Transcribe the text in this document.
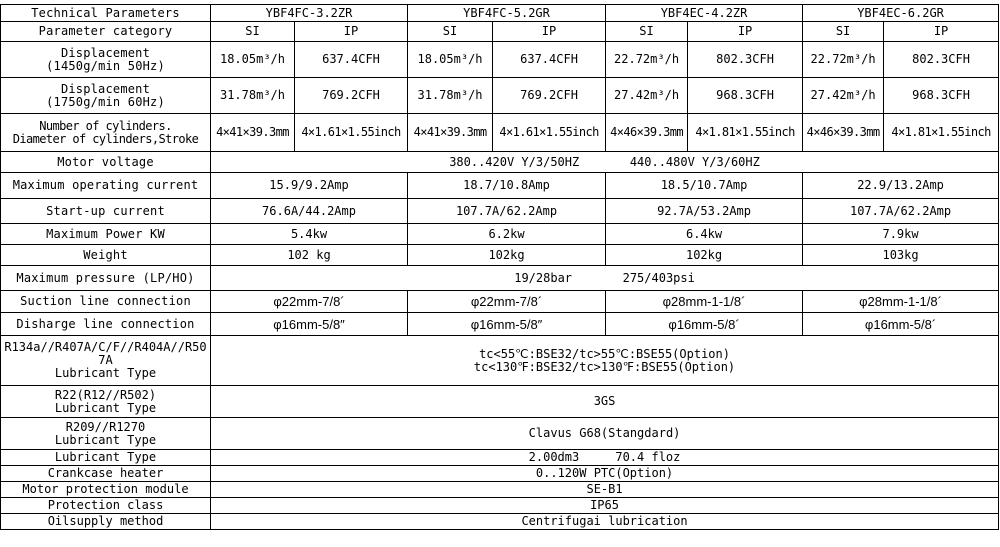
Technical Parameters	YBF4FC-3.2ZR		YBF4FC-5.2GR		YBF4EC-4.2ZR		YBF4EC-6.2GR	
Parameter category	SI	IP	SI	IP	SI	IP	SI	IP

Displacement
(1450g/min 50Hz)	18.05m³/h	637.4CFH	18.05m³/h	637.4CFH	22.72m³/h	802.3CFH	22.72m³/h	802.3CFH

Displacement
(1750g/min 60Hz)	31.78m³/h	769.2CFH	31.78m³/h	769.2CFH	27.42m³/h	968.3CFH	27.42m³/h	968.3CFH

Number of cylinders.
Diameter of cylinders,Stroke	4×41×39.3mm	4×1.61×1.55inch	4×41×39.3mm	4×1.61×1.55inch	4×46×39.3mm	4×1.81×1.55inch	4×46×39.3mm	4×1.81×1.55inch
Motor voltage	380..420V Y/3/50HZ 440..480V Y/3/60HZ							
Maximum operating current	15.9/9.2Amp		18.7/10.8Amp		18.5/10.7Amp		22.9/13.2Amp	
Start-up current	76.6A/44.2Amp		107.7A/62.2Amp		92.7A/53.2Amp		107.7A/62.2Amp	
Maximum Power KW	5.4kw		6.2kw		6.4kw		7.9kw	
Weight	102 kg		102kg		102kg		103kg	
Maximum pressure (LP/HO)	19/28bar 275/403psi							
Suction line connection	φ22mm-7/8´		φ22mm-7/8´		φ28mm-1-1/8´		φ28mm-1-1/8´	
Disharge line connection	φ16mm-5/8″		φ16mm-5/8″		φ16mm-5/8´		φ16mm-5/8´	

R134a//R407A/C/F//R404A//R50
7A
Lubricant Type	tc<55℃:BSE32/tc>55℃:BSE55(Option)
tc<130℉:BSE32/tc>130℉:BSE55(Option)							

R22(R12//R502)
Lubricant Type	3GS							

R209//R1270
Lubricant Type	Clavus G68(Stangdard)							
Lubricant Type	2.00dm3 70.4 floz							
Crankcase heater	0..120W PTC(Option)							
Motor protection module	SE-B1							
Protection class	IP65							
Oilsupply method	Centrifugai lubrication							
